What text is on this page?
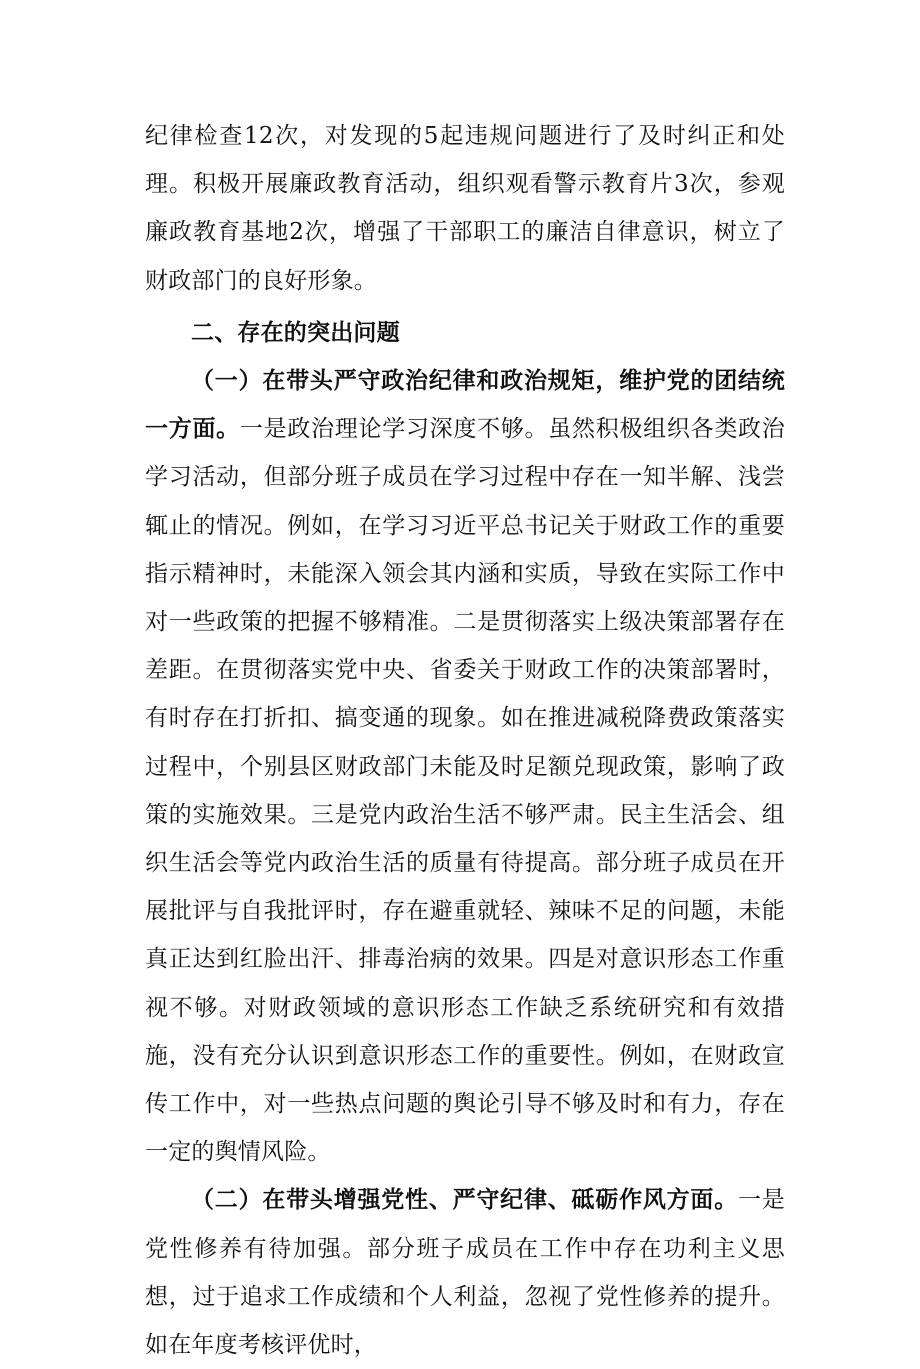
纪律检查12次，对发现的5起违规问题进行了及时纠正和处理。积极开展廉政教育活动，组织观看警示教育片3次，参观廉政教育基地2次，增强了干部职工的廉洁自律意识，树立了财政部门的良好形象。

二、存在的突出问题

（一）在带头严守政治纪律和政治规矩，维护党的团结统一方面。一是政治理论学习深度不够。虽然积极组织各类政治学习活动，但部分班子成员在学习过程中存在一知半解、浅尝辄止的情况。例如，在学习习近平总书记关于财政工作的重要指示精神时，未能深入领会其内涵和实质，导致在实际工作中对一些政策的把握不够精准。二是贯彻落实上级决策部署存在差距。在贯彻落实党中央、省委关于财政工作的决策部署时，有时存在打折扣、搞变通的现象。如在推进减税降费政策落实过程中，个别县区财政部门未能及时足额兑现政策，影响了政策的实施效果。三是党内政治生活不够严肃。民主生活会、组织生活会等党内政治生活的质量有待提高。部分班子成员在开展批评与自我批评时，存在避重就轻、辣味不足的问题，未能真正达到红脸出汗、排毒治病的效果。四是对意识形态工作重视不够。对财政领域的意识形态工作缺乏系统研究和有效措施，没有充分认识到意识形态工作的重要性。例如，在财政宣传工作中，对一些热点问题的舆论引导不够及时和有力，存在一定的舆情风险。

（二）在带头增强党性、严守纪律、砥砺作风方面。一是党性修养有待加强。部分班子成员在工作中存在功利主义思想，过于追求工作成绩和个人利益，忽视了党性修养的提升。如在年度考核评优时，
